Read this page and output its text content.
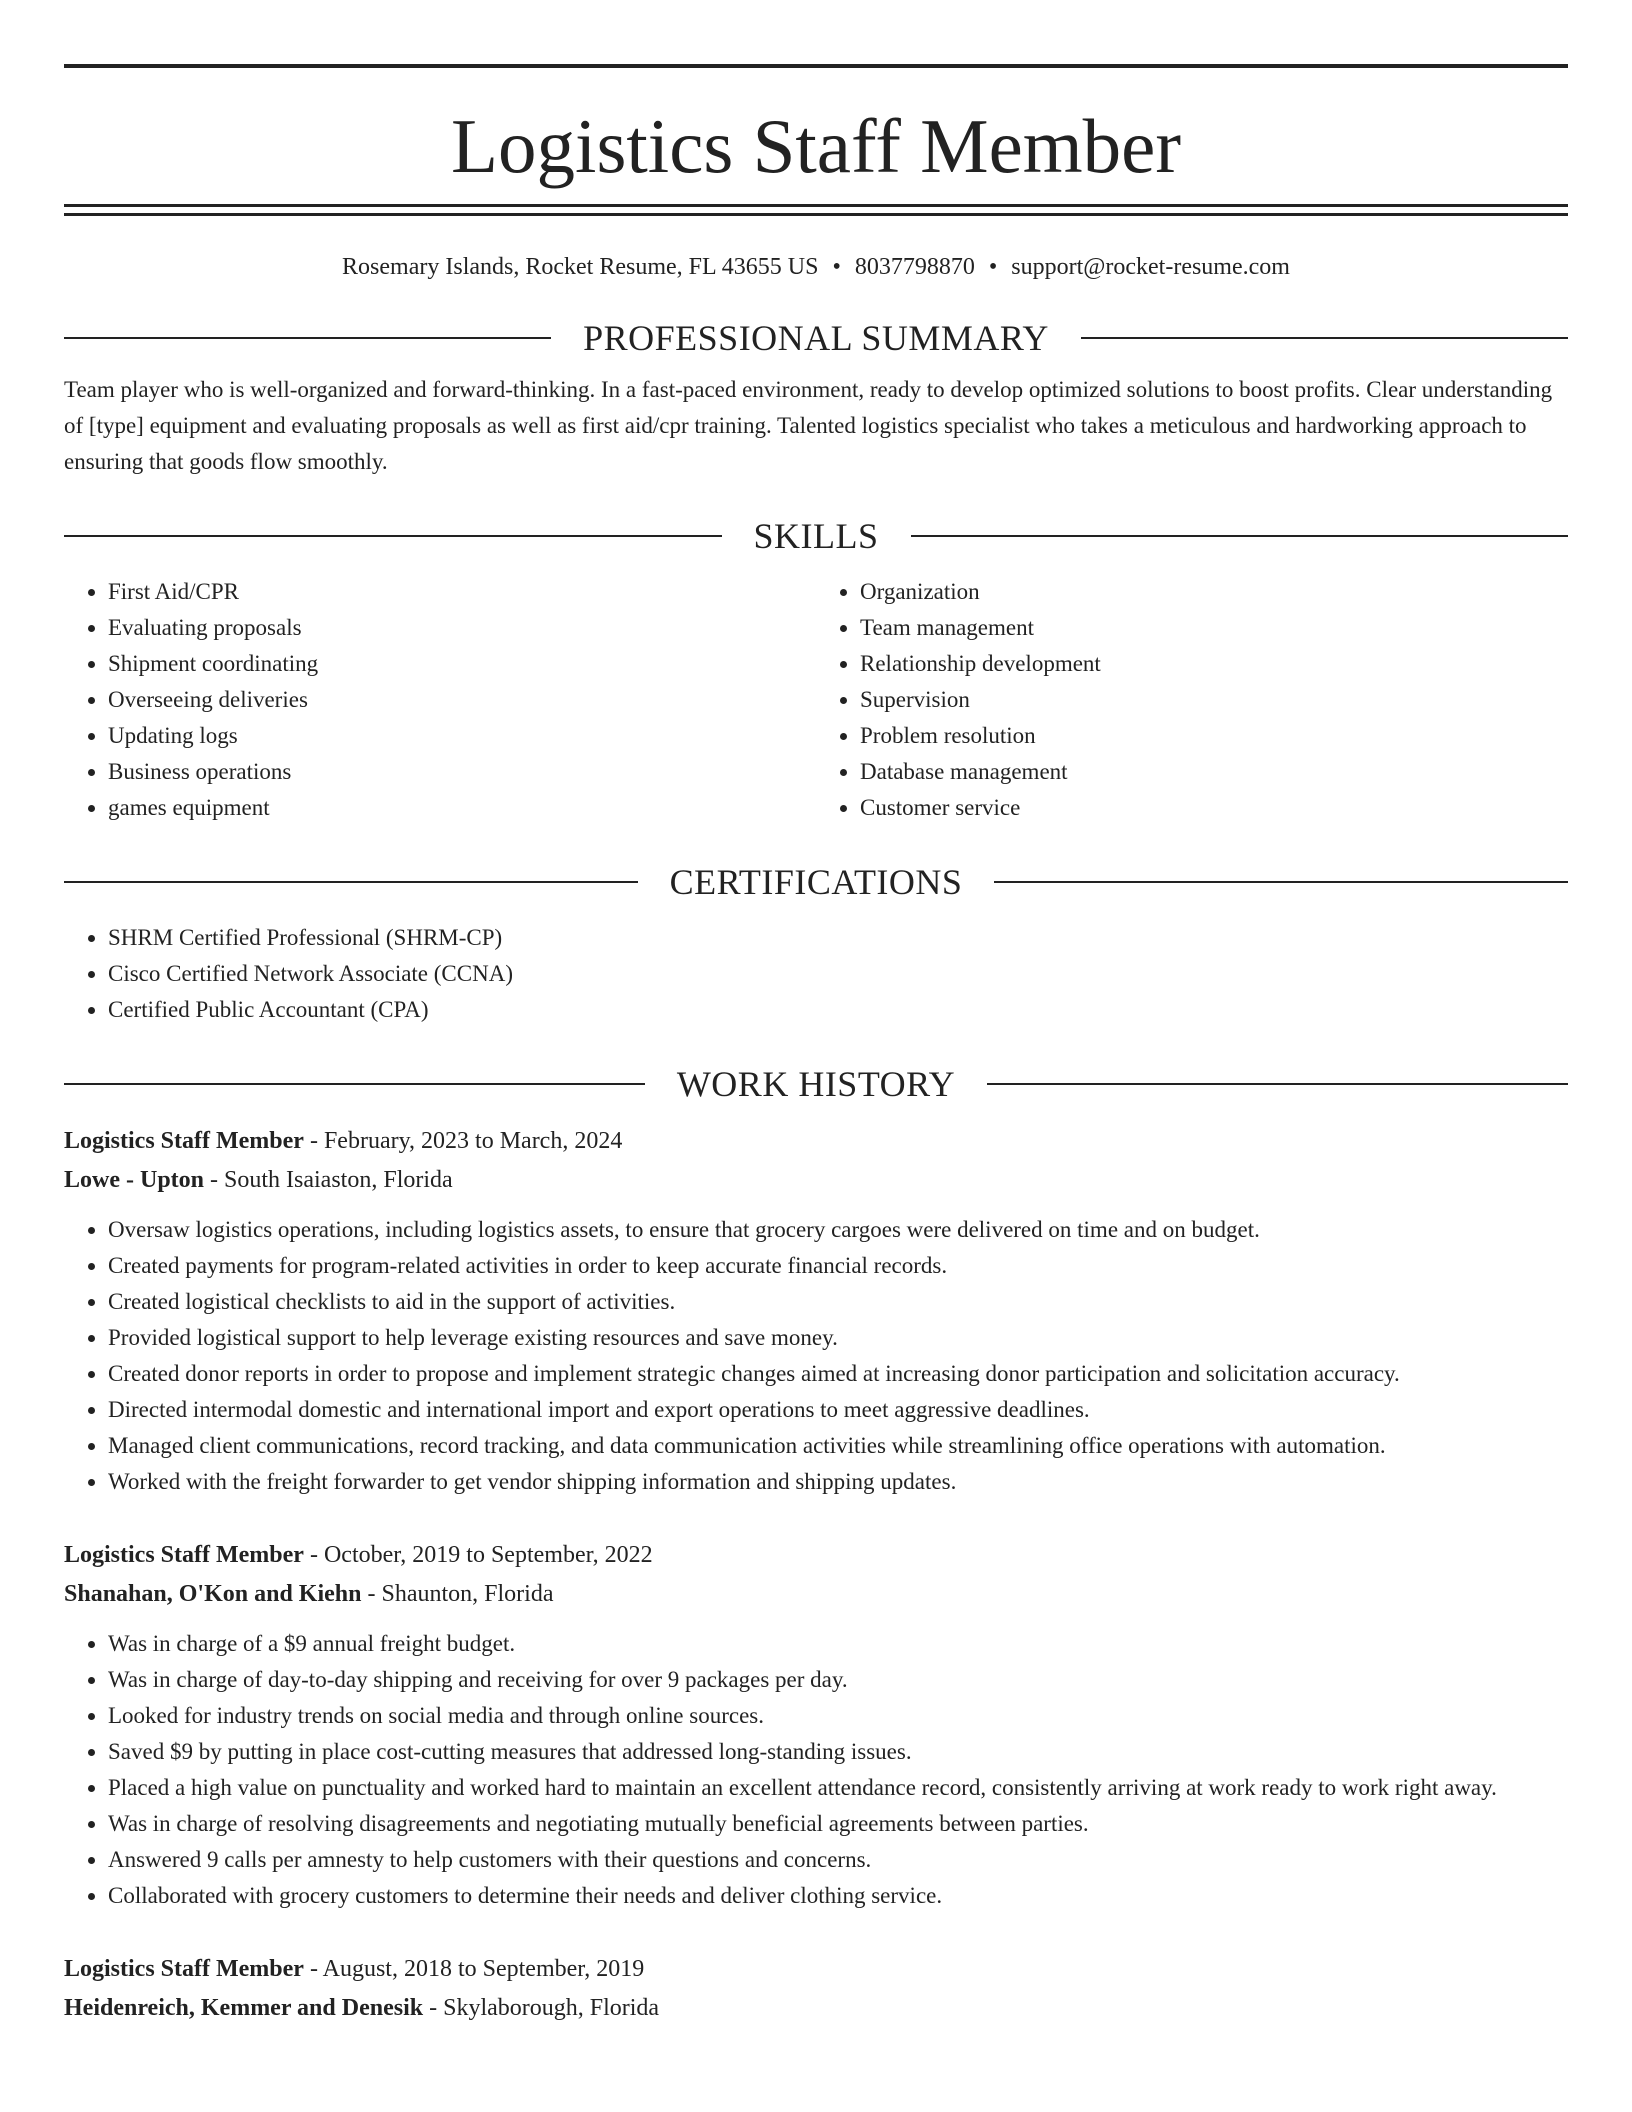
Logistics Staff Member
Rosemary Islands, Rocket Resume, FL 43655 US • 8037798870 • support@rocket-resume.com
PROFESSIONAL SUMMARY
Team player who is well-organized and forward-thinking. In a fast-paced environment, ready to develop optimized solutions to boost profits. Clear understanding of [type] equipment and evaluating proposals as well as first aid/cpr training. Talented logistics specialist who takes a meticulous and hardworking approach to ensuring that goods flow smoothly.
SKILLS
• First Aid/CPR
• Evaluating proposals
• Shipment coordinating
• Overseeing deliveries
• Updating logs
• Business operations
• games equipment
• Organization
• Team management
• Relationship development
• Supervision
• Problem resolution
• Database management
• Customer service
CERTIFICATIONS
• SHRM Certified Professional (SHRM-CP)
• Cisco Certified Network Associate (CCNA)
• Certified Public Accountant (CPA)
WORK HISTORY
Logistics Staff Member - February, 2023 to March, 2024
Lowe - Upton - South Isaiaston, Florida
• Oversaw logistics operations, including logistics assets, to ensure that grocery cargoes were delivered on time and on budget.
• Created payments for program-related activities in order to keep accurate financial records.
• Created logistical checklists to aid in the support of activities.
• Provided logistical support to help leverage existing resources and save money.
• Created donor reports in order to propose and implement strategic changes aimed at increasing donor participation and solicitation accuracy.
• Directed intermodal domestic and international import and export operations to meet aggressive deadlines.
• Managed client communications, record tracking, and data communication activities while streamlining office operations with automation.
• Worked with the freight forwarder to get vendor shipping information and shipping updates.
Logistics Staff Member - October, 2019 to September, 2022
Shanahan, O'Kon and Kiehn - Shaunton, Florida
• Was in charge of a $9 annual freight budget.
• Was in charge of day-to-day shipping and receiving for over 9 packages per day.
• Looked for industry trends on social media and through online sources.
• Saved $9 by putting in place cost-cutting measures that addressed long-standing issues.
• Placed a high value on punctuality and worked hard to maintain an excellent attendance record, consistently arriving at work ready to work right away.
• Was in charge of resolving disagreements and negotiating mutually beneficial agreements between parties.
• Answered 9 calls per amnesty to help customers with their questions and concerns.
• Collaborated with grocery customers to determine their needs and deliver clothing service.
Logistics Staff Member - August, 2018 to September, 2019
Heidenreich, Kemmer and Denesik - Skylaborough, Florida
